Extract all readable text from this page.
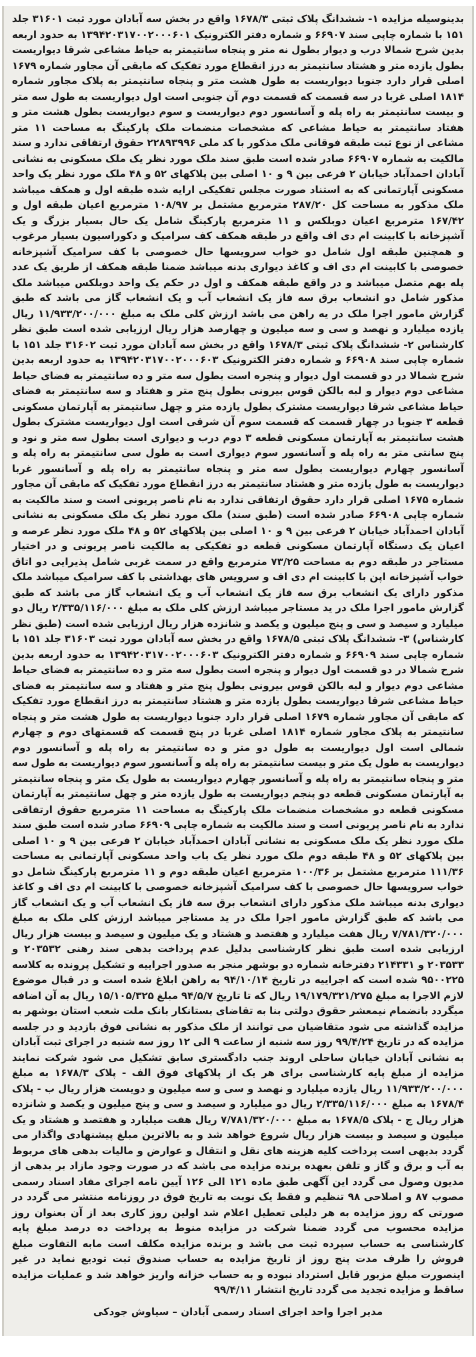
بدینوسیله مزایده ۱- ششدانگ پلاک ثبتی ۱۶۷۸/۳ واقع در بخش سه آبادان مورد ثبت ۳۱۶۰۱ جلد ۱۵۱ با شماره چاپی سند ۶۶۹۰۷ و شماره دفتر الکترونیک ۱۳۹۴۲۰۳۱۷۰۰۲۰۰۰۶۰۱ به حدود اربعه بدین شرح شمالا درب و دیوار بطول نه متر و پنجاه سانتیمتر به حیاط مشاعی شرقا دیواریست بطول یازده متر و هشتاد سانتیمتر به درز انقطاع مورد تفکیک که مابقی آن مجاور شماره ۱۶۷۹ اصلی قرار دارد جنوبا دیواریست به طول هشت متر و پنجاه سانتیمتر به پلاک مجاور شماره ۱۸۱۴ اصلی غربا در سه قسمت که قسمت دوم آن جنوبی است اول دیواریست به طول سه متر و بیست سانتیمتر به راه پله و آسانسور دوم دیواریست و سوم دیواریست بطول هشت متر و هفتاد سانتیمتر به حیاط مشاعی که مشخصات منضمات ملک پارکینگ به مساحت ۱۱ متر مشاعی از نوع ثبت طبقه فوقانی ملک مذکور با کد ملی ۲۲۸۹۳۹۹۶ حقوق ارتفاقی ندارد و سند مالکیت به شماره ۶۶۹۰۷ صادر شده است طبق سند ملک مورد نظر یک ملک مسکونی به نشانی آبادان احمدآباد خیابان ۲ فرعی بین ۹ و ۱۰ اصلی بین پلاکهای ۵۲ و ۴۸ ملک مورد نظر یک واحد مسکونی آپارتمانی که به استناد صورت مجلس تفکیکی ارایه شده طبقه اول و همکف میباشد ملک مذکور به مساحت کل ۲۸۷/۲۰ مترمربع مشتمل بر ۱۰۸/۹۷ مترمربع اعیان طبقه اول و ۱۶۷/۴۲ مترمربع اعیان دوبلکس و ۱۱ مترمربع پارکینگ شامل یک حال بسیار بزرگ و یک آشپزخانه با کابینت ام دی اف واقع در طبقه همکف کف سرامیک و دکوراسیون بسیار مرغوب و همچنین طبقه اول شامل دو خواب سرویسها حال خصوصی با کف سرامیک آشپزخانه خصوصی با کابینت ام دی اف و کاغذ دیواری بدنه میباشد ضمنا طبقه همکف از طریق یک عدد پله بهم متصل میباشد و در واقع طبقه همکف و اول در حکم یک واحد دوبلکس میباشد ملک مذکور شامل دو انشعاب برق سه فاز یک انشعاب آب و یک انشعاب گاز می باشد که طبق گزارش مامور اجرا ملک در یه راهن می باشد ارزش کلی ملک به مبلغ ۱۱/۹۳۳/۲۰۰/۰۰۰ ریال یازده میلیارد و نهصد و سی و سه میلیون و چهارصد هزار ریال ارزیابی شده است طبق نظر کارشناس ۲- ششدانگ پلاک ثبتی ۱۶۷۸/۳ واقع در بخش سه آبادان مورد ثبت ۳۱۶۰۲ جلد ۱۵۱ با شماره چاپی سند ۶۶۹۰۸ و شماره دفتر الکترونیک ۱۳۹۴۲۰۳۱۷۰۰۲۰۰۰۶۰۳ به حدود اربعه بدین شرح شمالا در دو قسمت اول دیوار و پنجره است بطول سه متر و ده سانتیمتر به فضای حیاط مشاعی دوم دیوار و لبه بالکن قوس بیرونی بطول پنج متر و هفتاد و سه سانتیمتر به فضای حیاط مشاعی شرقا دیواریست مشترک بطول یازده متر و چهل سانتیمتر به آپارتمان مسکونی قطعه ۳ جنوبا در چهار قسمت که قسمت سوم آن شرقی است اول دیواریست مشترک بطول هشت سانتیمتر به آپارتمان مسکونی قطعه ۳ دوم درب و دیواری است بطول سه متر و نود و پنج سانتی متر به راه پله و آسانسور سوم دیواری است به طول سی سانتیمتر به راه پله و آسانسور چهارم دیواریست بطول سه متر و پنجاه سانتیمتر به راه پله و آسانسور غربا دیواریست به طول یازده متر و هشتاد سانتیمتر به درز انقطاع مورد تفکیک که مابقی آن مجاور شماره ۱۶۷۵ اصلی قرار دارد حقوق ارتفاقی ندارد به نام ناصر پریونی است و سند مالکیت به شماره چاپی ۶۶۹۰۸ صادر شده است (طبق سند) ملک مورد نظر یک ملک مسکونی به نشانی آبادان احمدآباد خیابان ۲ فرعی بین ۹ و ۱۰ اصلی بین پلاکهای ۵۲ و ۴۸ ملک مورد نظر عرصه و اعیان یک دستگاه آپارتمان مسکونی قطعه دو تفکیکی به مالکیت ناصر پریونی و در اختیار مستاجر در طبقه دوم به مساحت ۷۳/۲۵ مترمربع واقع در سمت غربی شامل پذیرایی دو اتاق خواب آشپزخانه اپن با کابینت ام دی اف و سرویس های بهداشتی با کف سرامیک میباشد ملک مذکور دارای یک انشعاب برق سه فاز یک انشعاب آب و یک انشعاب گاز می باشد که طبق گزارش مامور اجرا ملک در ید مستاجر میباشد ارزش کلی ملک به مبلغ ۲/۳۳۵/۱۱۶/۰۰۰ ریال دو میلیارد و سیصد و سی و پنج میلیون و یکصد و شانزده هزار ریال ارزیابی شده است (طبق نظر کارشناس) ۳- ششدانگ پلاک ثبتی ۱۶۷۸/۵ واقع در بخش سه آبادان مورد ثبت ۳۱۶۰۳ جلد ۱۵۱ با شماره چاپی سند ۶۶۹۰۹ و شماره دفتر الکترونیک ۱۳۹۴۲۰۳۱۷۰۰۲۰۰۰۶۰۳ به حدود اربعه بدین شرح شمالا در دو قسمت اول دیوار و پنجره است بطول سه متر و ده سانتیمتر به فضای حیاط مشاعی دوم دیوار و لبه بالکن قوس بیرونی بطول پنج متر و هفتاد و سه سانتیمتر به فضای حیاط مشاعی شرقا دیواریست بطول یازده متر و هشتاد سانتیمتر به درز انقطاع مورد تفکیک که مابقی آن مجاور شماره ۱۶۷۹ اصلی قرار دارد جنوبا دیواریست به طول هشت متر و پنجاه سانتیمتر به پلاک مجاور شماره ۱۸۱۴ اصلی غربا در پنج قسمت که قسمتهای دوم و چهارم شمالی است اول دیواریست به طول دو متر و ده سانتیمتر به راه پله و آسانسور دوم دیواریست به طول یک متر و بیست سانتیمتر به راه پله و آسانسور سوم دیواریست به طول سه متر و پنجاه سانتیمتر به راه پله و آسانسور چهارم دیواریست به طول یک متر و پنجاه سانتیمتر به آپارتمان مسکونی قطعه دو پنجم دیواریست به طول یازده متر و چهل سانتیمتر به آپارتمان مسکونی قطعه دو مشخصات منضمات ملک پارکینگ به مساحت ۱۱ مترمربع حقوق ارتفاقی ندارد به نام ناصر پریونی است و سند مالکیت به شماره چاپی ۶۶۹۰۹ صادر شده است طبق سند ملک مورد نظر یک ملک مسکونی به نشانی آبادان احمدآباد خیابان ۲ فرعی بین ۹ و ۱۰ اصلی بین پلاکهای ۵۲ و ۴۸ طبقه دوم ملک مورد نظر یک باب واحد مسکونی آپارتمانی به مساحت ۱۱۱/۳۶ مترمربع مشتمل بر ۱۰۰/۳۶ مترمربع اعیان طبقه دوم و ۱۱ مترمربع پارکینگ شامل دو خواب سرویسها حال خصوصی با کف سرامیک آشپزخانه خصوصی با کابینت ام دی اف و کاغذ دیواری بدنه میباشد ملک مذکور دارای انشعاب برق سه فاز یک انشعاب آب و یک انشعاب گاز می باشد که طبق گزارش مامور اجرا ملک در ید مستاجر میباشد ارزش کلی ملک به مبلغ ۷/۷۸۱/۳۲۰/۰۰۰ ریال هفت میلیارد و هفتصد و هشتاد و یک میلیون و سیصد و بیست هزار ریال ارزیابی شده است طبق نظر کارشناسی بدلیل عدم پرداخت بدهی سند رهنی ۲۰۳۵۳۲ و ۲۰۳۵۳۳ و ۲۱۴۳۳۱ دفترخانه شماره دو بوشهر منجر به صدور اجراییه و تشکیل پرونده به کلاسه ۹۵۰۰۲۲۵ شده است که اجراییه در تاریخ ۹۴/۱۰/۱۴ به راهن ابلاغ شده است و در قبال موضوع لازم الاجرا به مبلغ ۱۹/۱۷۹/۳۲۱/۲۷۵ ریال که تا تاریخ ۹۴/۵/۷ مبلغ ۱۵/۱۰۵/۳۲۵ ریال به آن اضافه میگردد بانضمام نیمعشر حقوق دولتی بنا به تقاضای بستانکار بانک ملت شعب استان بوشهر به مزایده گذاشته می شود متقاضیان می توانند از ملک مذکور به نشانی فوق بازدید و در جلسه مزایده که در تاریخ ۹۹/۴/۲۴ روز سه شنبه از ساعت ۹ الی ۱۲ روز سه شنبه در اجرای ثبت آبادان به نشانی آبادان خیابان ساحلی اروند جنب دادگستری سابق تشکیل می شود شرکت نمایند مزایده از مبلغ پایه کارشناسی برای هر یک از پلاکهای فوق الف - پلاک ۱۶۷۸/۳ به مبلغ ۱۱/۹۳۳/۲۰۰/۰۰۰ ریال یازده میلیارد و نهصد و سی و سه میلیون و دویست هزار ریال ب - پلاک ۱۶۷۸/۴ به مبلغ ۲/۳۳۵/۱۱۶/۰۰۰ ریال دو میلیارد و سیصد و سی و پنج میلیون و یکصد و شانزده هزار ریال ج - پلاک ۱۶۷۸/۵ به مبلغ ۷/۷۸۱/۳۲۰/۰۰۰ ریال هفت میلیارد و هفتصد و هشتاد و یک میلیون و سیصد و بیست هزار ریال شروع خواهد شد و به بالاترین مبلغ پیشنهادی واگذار می گردد بدیهی است پرداخت کلیه هزینه های نقل و انتقال و عوارض و مالیات بدهی های مربوط به آب و برق و گاز و تلفن بعهده برنده مزایده می باشد که در صورت وجود مازاد بر بدهی از مدیون وصول می گردد این آگهی طبق ماده ۱۲۱ الی ۱۲۶ آیین نامه اجرای مفاد اسناد رسمی مصوب ۸۷ و اصلاحی ۹۸ تنظیم و فقط یک نوبت به تاریخ فوق در روزنامه منتشر می گردد در صورتی که روز مزایده به هر دلیلی تعطیل اعلام شد اولین روز کاری بعد از آن بعنوان روز مزایده محسوب می گردد ضمنا شرکت در مزایده منوط به پرداخت ده درصد مبلغ پایه کارشناسی به حساب سپرده ثبت می باشد و برنده مزایده مکلف است مابه التفاوت مبلغ فروش را ظرف مدت پنج روز از تاریخ مزایده به حساب صندوق ثبت تودیع نماید در غیر اینصورت مبلغ مزبور قابل استرداد نبوده و به حساب خزانه واریز خواهد شد و عملیات مزایده ساقط و مزایده تجدید می گردد تاریخ انتشار ۹۹/۴/۱۱

مدیر اجرا واحد اجرای اسناد رسمی آبادان – سیاوش جودکی
